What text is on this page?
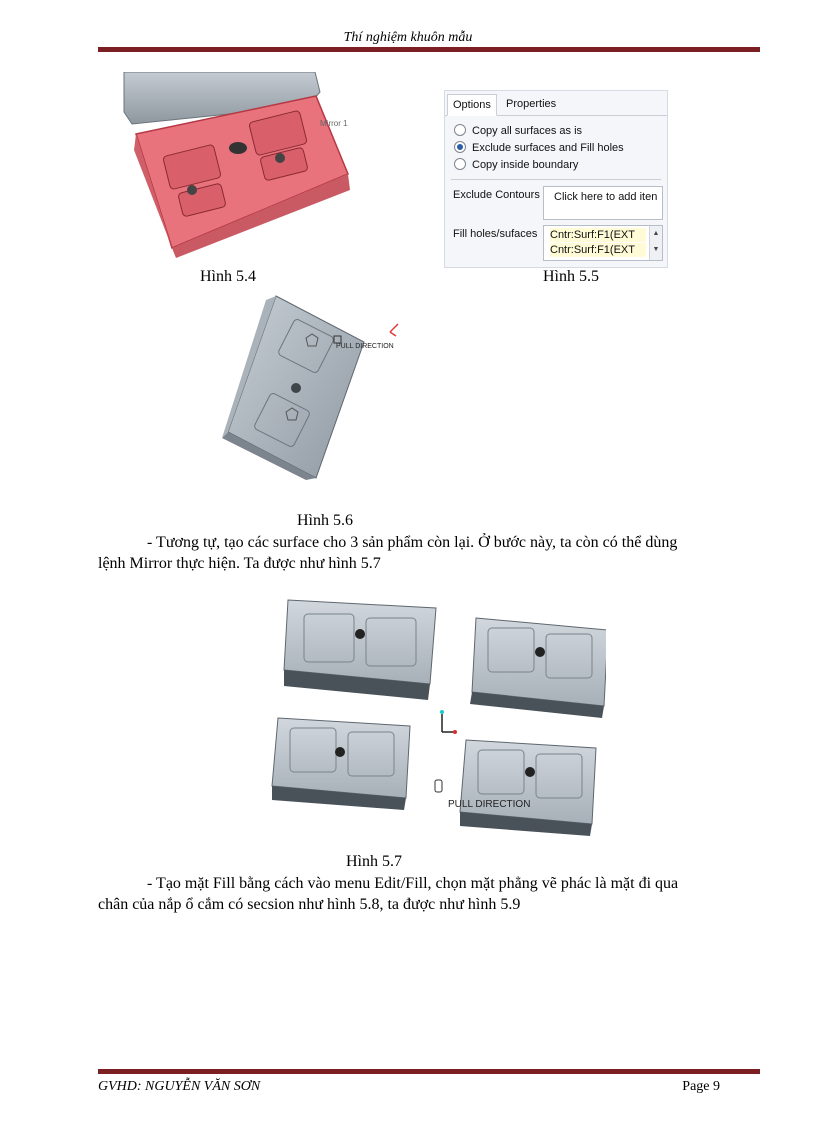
Thí nghiệm khuôn mẫu
Mirror 1
Hình 5.4
Options	Properties
Copy all surfaces as is
Exclude surfaces and Fill holes
Copy inside boundary
Exclude Contours Click here to add iten
Fill holes/sufaces Cntr:Surf:F1(EXT
Cntr:Surf:F1(EXT
▲
▼
Hình 5.5
PULL DIRECTION
Hình 5.6
- Tương tự, tạo các surface cho 3 sản phẩm còn lại. Ở bước này, ta còn có thể dùng
lệnh Mirror thực hiện. Ta được như hình 5.7
PULL DIRECTION
Hình 5.7
- Tạo mặt Fill bằng cách vào menu Edit/Fill, chọn mặt phẳng vẽ phác là mặt đi qua
chân của nắp ổ cắm có secsion như hình 5.8, ta được như hình 5.9
GVHD: NGUYỄN VĂN SƠN	Page 9
